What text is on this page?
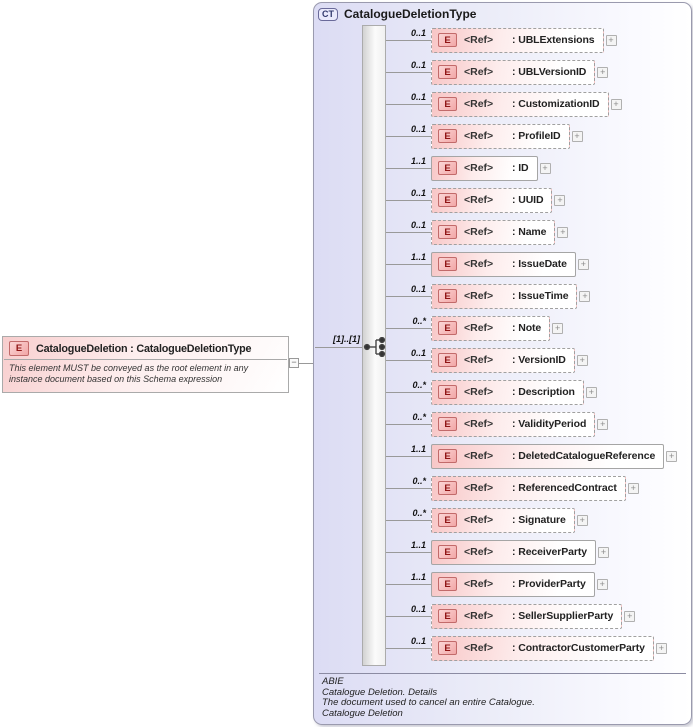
E	CatalogueDeletion : CatalogueDeletionType
This element MUST be conveyed as the root element in any instance document based on this Schema expression
−
CT CatalogueDeletionType
[1]..[1]
0..1
E	<Ref>	: UBLExtensions	+
0..1
E	<Ref>	: UBLVersionID	+
0..1
E	<Ref>	: CustomizationID	+
0..1
E	<Ref>	: ProfileID	+
1..1
E	<Ref>	: ID	+
0..1
E	<Ref>	: UUID	+
0..1
E	<Ref>	: Name	+
1..1
E	<Ref>	: IssueDate	+
0..1
E	<Ref>	: IssueTime	+
0..*
E	<Ref>	: Note	+
0..1
E	<Ref>	: VersionID	+
0..*
E	<Ref>	: Description	+
0..*
E	<Ref>	: ValidityPeriod	+
1..1
E	<Ref>	: DeletedCatalogueReference	+
0..*
E	<Ref>	: ReferencedContract	+
0..*
E	<Ref>	: Signature	+
1..1
E	<Ref>	: ReceiverParty	+
1..1
E	<Ref>	: ProviderParty	+
0..1
E	<Ref>	: SellerSupplierParty	+
0..1
E	<Ref>	: ContractorCustomerParty	+
ABIE
Catalogue Deletion. Details
The document used to cancel an entire Catalogue.
Catalogue Deletion
